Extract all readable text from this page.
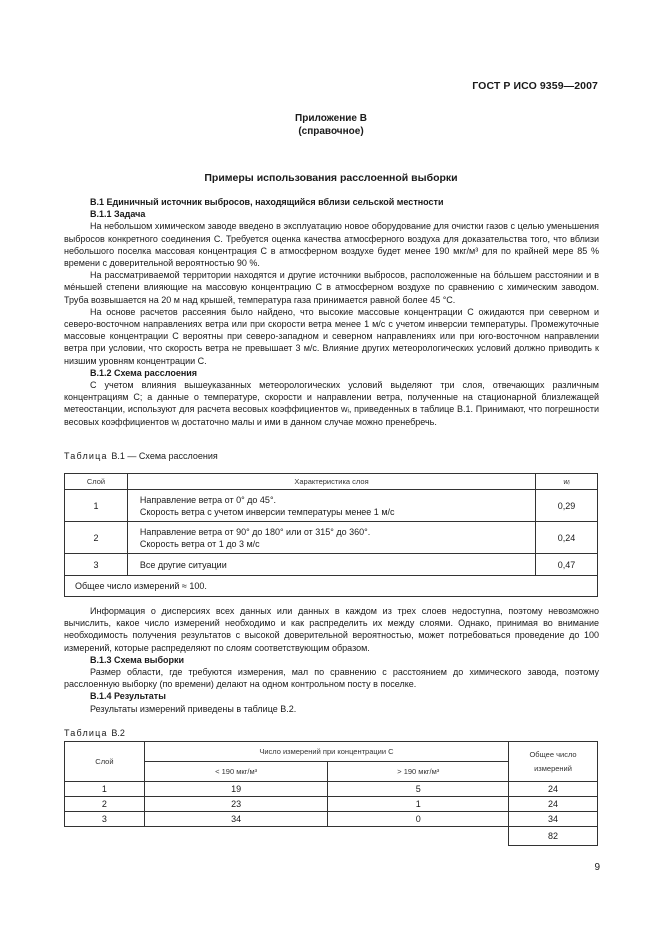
ГОСТ Р ИСО 9359—2007
Приложение В
(справочное)
Примеры использования расслоенной выборки
В.1 Единичный источник выбросов, находящийся вблизи сельской местности
В.1.1 Задача
На небольшом химическом заводе введено в эксплуатацию новое оборудование для очистки газов с целью уменьшения выбросов конкретного соединения С. Требуется оценка качества атмосферного воздуха для доказательства того, что вблизи небольшого поселка массовая концентрация С в атмосферном воздухе будет менее 190 мкг/м³ для по крайней мере 85 % времени с доверительной вероятностью 90 %.
На рассматриваемой территории находятся и другие источники выбросов, расположенные на бо́льшем расстоянии и в ме́ньшей степени влияющие на массовую концентрацию С в атмосферном воздухе по сравнению с химическим заводом. Труба возвышается на 20 м над крышей, температура газа принимается равной более 45 °С.
На основе расчетов рассеяния было найдено, что высокие массовые концентрации С ожидаются при северном и северо-восточном направлениях ветра или при скорости ветра менее 1 м/с с учетом инверсии температуры. Промежуточные массовые концентрации С вероятны при северо-западном и северном направлениях или при юго-восточном направлении ветра при условии, что скорость ветра не превышает 3 м/с. Влияние других метеорологических условий должно приводить к низшим уровням концентрации С.
В.1.2 Схема расслоения
С учетом влияния вышеуказанных метеорологических условий выделяют три слоя, отвечающих различным концентрациям С; а данные о температуре, скорости и направлении ветра, полученные на стационарной близлежащей метеостанции, используют для расчета весовых коэффициентов wᵢ, приведенных в таблице В.1. Принимают, что погрешности весовых коэффициентов wᵢ достаточно малы и ими в данном случае можно пренебречь.
Таблица В.1 — Схема расслоения
Слой	Характеристика слоя	wᵢ
1	Направление ветра от 0° до 45°.
Скорость ветра с учетом инверсии температуры менее 1 м/с	0,29
2	Направление ветра от 90° до 180° или от 315° до 360°.
Скорость ветра от 1 до 3 м/с	0,24
3	Все другие ситуации	0,47
Общее число измерений ≈ 100.		
Информация о дисперсиях всех данных или данных в каждом из трех слоев недоступна, поэтому невозможно вычислить, какое число измерений необходимо и как распределить их между слоями. Однако, принимая во внимание необходимость получения результатов с высокой доверительной вероятностью, может потребоваться проведение до 100 измерений, которые распределяют по слоям соответствующим образом.
В.1.3 Схема выборки
Размер области, где требуются измерения, мал по сравнению с расстоянием до химического завода, поэтому расслоенную выборку (по времени) делают на одном контрольном посту в поселке.
В.1.4 Результаты
Результаты измерений приведены в таблице В.2.
Таблица В.2
Слой	Число измерений при концентрации С		Общее число измерений
	< 190 мкг/м³	> 190 мкг/м³	
1	19	5	24
2	23	1	24
3	34	0	34
			82
9
